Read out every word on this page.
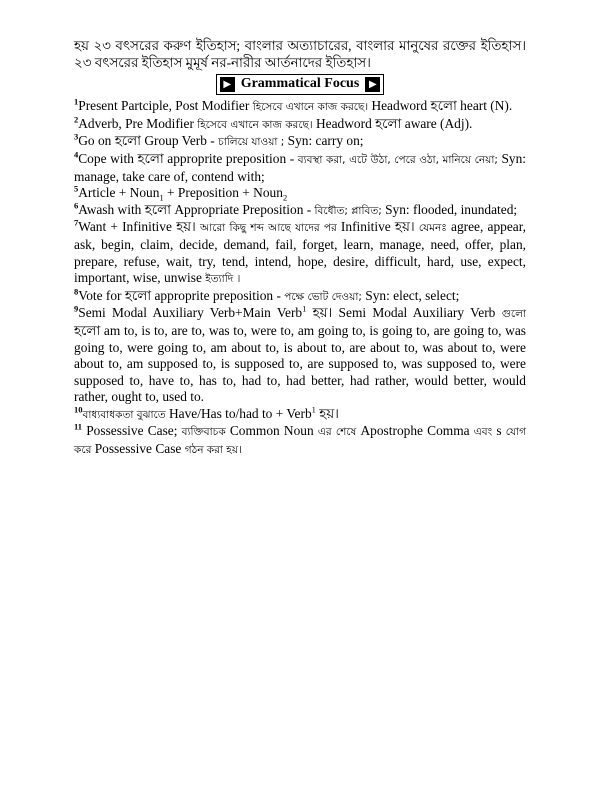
হয় ২৩ বৎসরের করুণ ইতিহাস; বাংলার অত্যাচারের, বাংলার মানুষের রক্তের ইতিহাস। ২৩ বৎসরের ইতিহাস মুমূর্ষ নর-নারীর আর্তনাদের ইতিহাস।

▶ Grammatical Focus ▶

$^1$Present Partciple, Post Modifier হিসেবে এখানে কাজ করছে। Headword হলো heart (N).

$^2$Adverb, Pre Modifier হিসেবে এখানে কাজ করছে। Headword হলো aware (Adj).

$^3$Go on হলো Group Verb - চালিয়ে যাওয়া ; Syn: carry on;

$^4$Cope with হলো approprite preposition - ব্যবস্থা করা, এটে উঠা, পেরে ওঠা, মানিয়ে নেয়া; Syn: manage, take care of, contend with;

$^5$Article + Noun$_1$ + Preposition + Noun$_2$

$^6$Awash with হলো Appropriate Preposition - বিধৌত; প্লাবিত; Syn: flooded, inundated;

$^7$Want + Infinitive হয়। আরো কিছু শব্দ আছে যাদের পর Infinitive হয়। যেমনঃ agree, appear, ask, begin, claim, decide, demand, fail, forget, learn, manage, need, offer, plan, prepare, refuse, wait, try, tend, intend, hope, desire, difficult, hard, use, expect, important, wise, unwise ইত্যাদি ।

$^8$Vote for হলো approprite preposition - পক্ষে ভোট দেওয়া; Syn: elect, select;

$^9$Semi Modal Auxiliary Verb+Main Verb$^1$ হয়। Semi Modal Auxiliary Verb গুলো হলো am to, is to, are to, was to, were to, am going to, is going to, are going to, was going to, were going to, am about to, is about to, are about to, was about to, were about to, am supposed to, is supposed to, are supposed to, was supposed to, were supposed to, have to, has to, had to, had better, had rather, would better, would rather, ought to, used to.

$^{10}$বাধ্যবাধকতা বুঝাতে Have/Has to/had to + Verb$^1$ হয়।

$^{11}$ Possessive Case; ব্যক্তিবাচক Common Noun এর শেষে Apostrophe Comma এবং s যোগ করে Possessive Case গঠন করা হয়।
